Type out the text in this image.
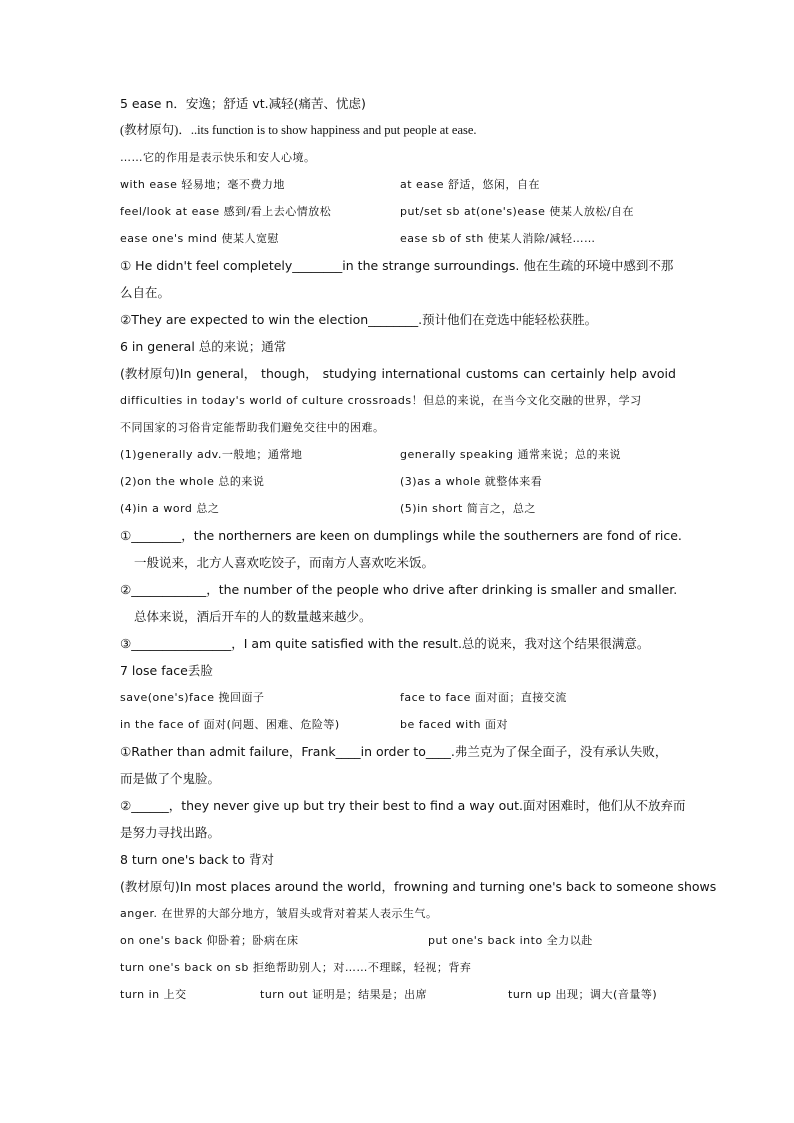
5 ease n．安逸；舒适 vt.减轻(痛苦、忧虑)
(教材原句)．..its function is to show happiness and put people at ease.
……它的作用是表示快乐和安人心境。
with ease 轻易地；毫不费力地	at ease 舒适，悠闲，自在
feel/look at ease 感到/看上去心情放松	put/set sb at(one's)ease 使某人放松/自在
ease one's mind 使某人宽慰	ease sb of sth 使某人消除/减轻……
① He didn't feel completely________in the strange surroundings. 他在生疏的环境中感到不那
么自在。
②They are expected to win the election________.预计他们在竞选中能轻松获胜。
6 in general 总的来说；通常
(教材原句)In general， though， studying international customs can certainly help avoid
difficulties in today's world of culture crossroads！但总的来说，在当今文化交融的世界，学习
不同国家的习俗肯定能帮助我们避免交往中的困难。
(1)generally adv.一般地；通常地	generally speaking 通常来说；总的来说
(2)on the whole 总的来说	(3)as a whole 就整体来看
(4)in a word 总之	(5)in short 简言之，总之
①________，the northerners are keen on dumplings while the southerners are fond of rice.
一般说来，北方人喜欢吃饺子，而南方人喜欢吃米饭。
②____________，the number of the people who drive after drinking is smaller and smaller.
总体来说，酒后开车的人的数量越来越少。
③________________，I am quite satisfied with the result.总的说来，我对这个结果很满意。
7 lose face丢脸
save(one's)face 挽回面子	face to face 面对面；直接交流
in the face of 面对(问题、困难、危险等)	be faced with 面对
①Rather than admit failure，Frank____in order to____.弗兰克为了保全面子，没有承认失败，
而是做了个鬼脸。
②______，they never give up but try their best to find a way out.面对困难时，他们从不放弃而
是努力寻找出路。
8 turn one's back to 背对
(教材原句)In most places around the world，frowning and turning one's back to someone shows
anger. 在世界的大部分地方，皱眉头或背对着某人表示生气。
on one's back 仰卧着；卧病在床	put one's back into 全力以赴
turn one's back on sb 拒绝帮助别人；对……不理睬，轻视；背弃
turn in 上交	turn out 证明是；结果是；出席	turn up 出现；调大(音量等)
